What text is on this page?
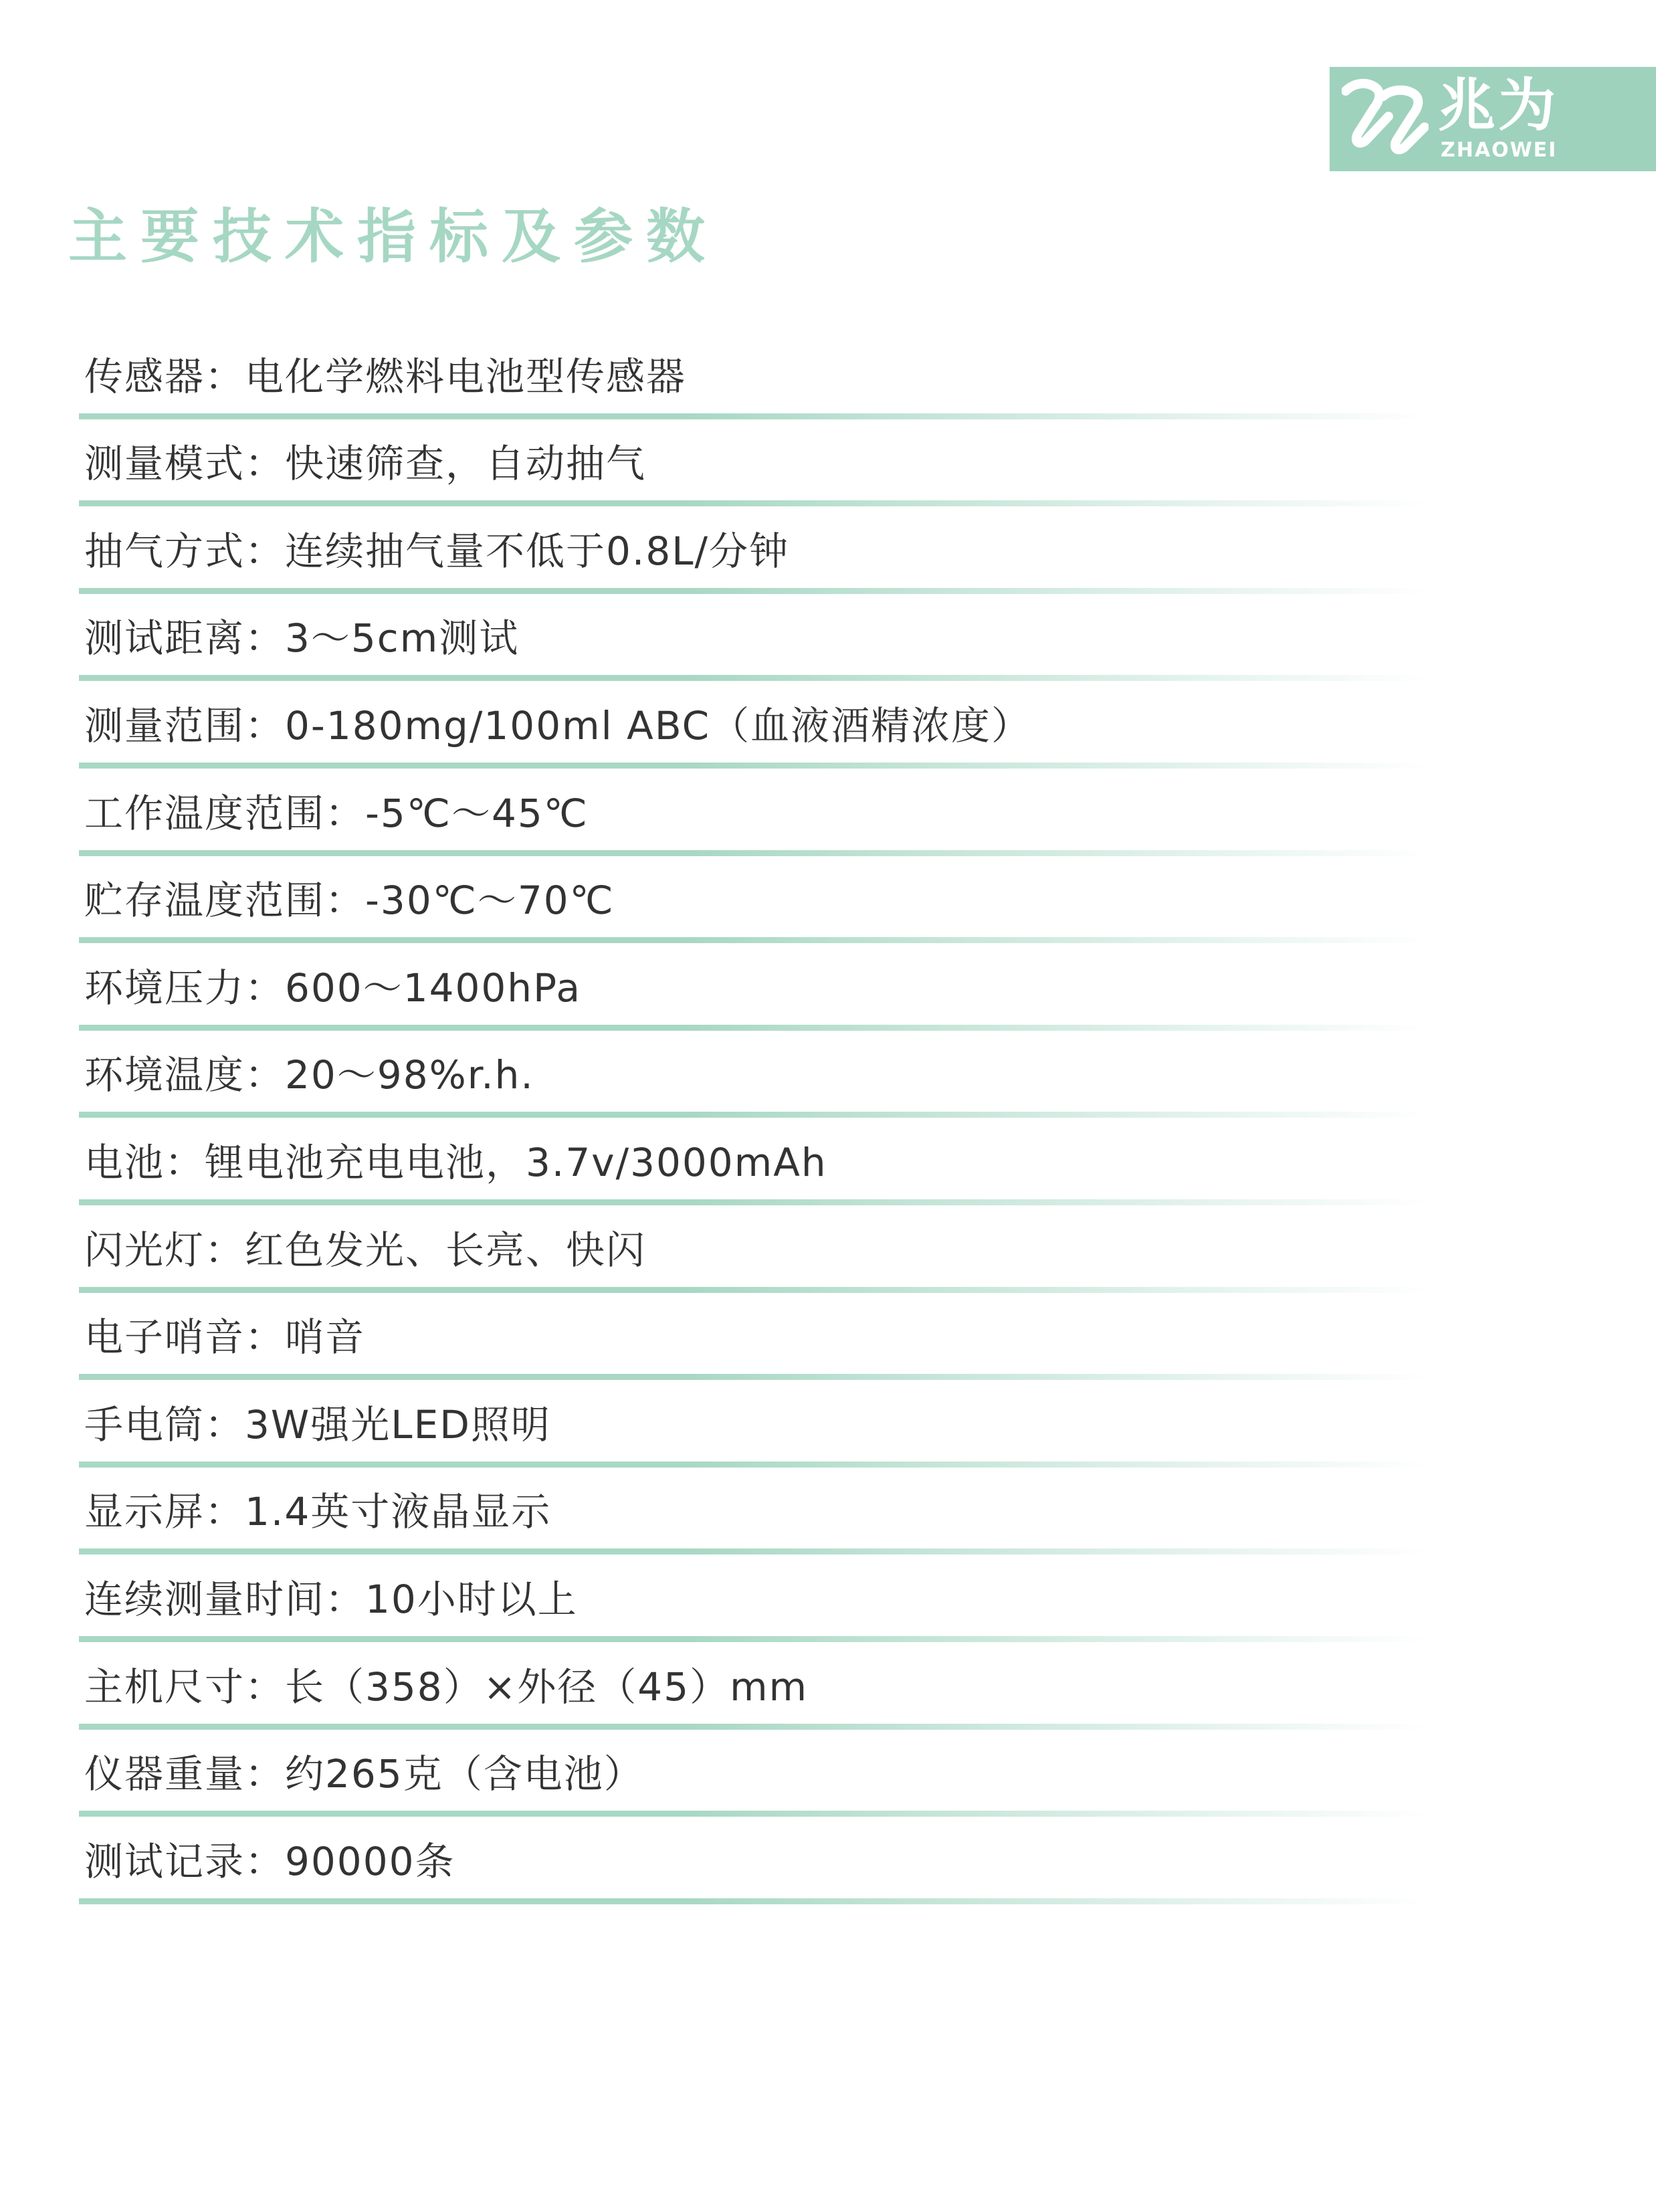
兆为
ZHAOWEI
主要技术指标及参数
传感器：电化学燃料电池型传感器
测量模式：快速筛查，自动抽气
抽气方式：连续抽气量不低于0.8L/分钟
测试距离：3～5cm测试
测量范围：0-180mg/100ml ABC（血液酒精浓度）
工作温度范围：-5℃～45℃
贮存温度范围：-30℃～70℃
环境压力：600～1400hPa
环境温度：20～98%r.h.
电池：锂电池充电电池，3.7v/3000mAh
闪光灯：红色发光、长亮、快闪
电子哨音：哨音
手电筒：3W强光LED照明
显示屏：1.4英寸液晶显示
连续测量时间：10小时以上
主机尺寸：长（358）×外径（45）mm
仪器重量：约265克（含电池）
测试记录：90000条
